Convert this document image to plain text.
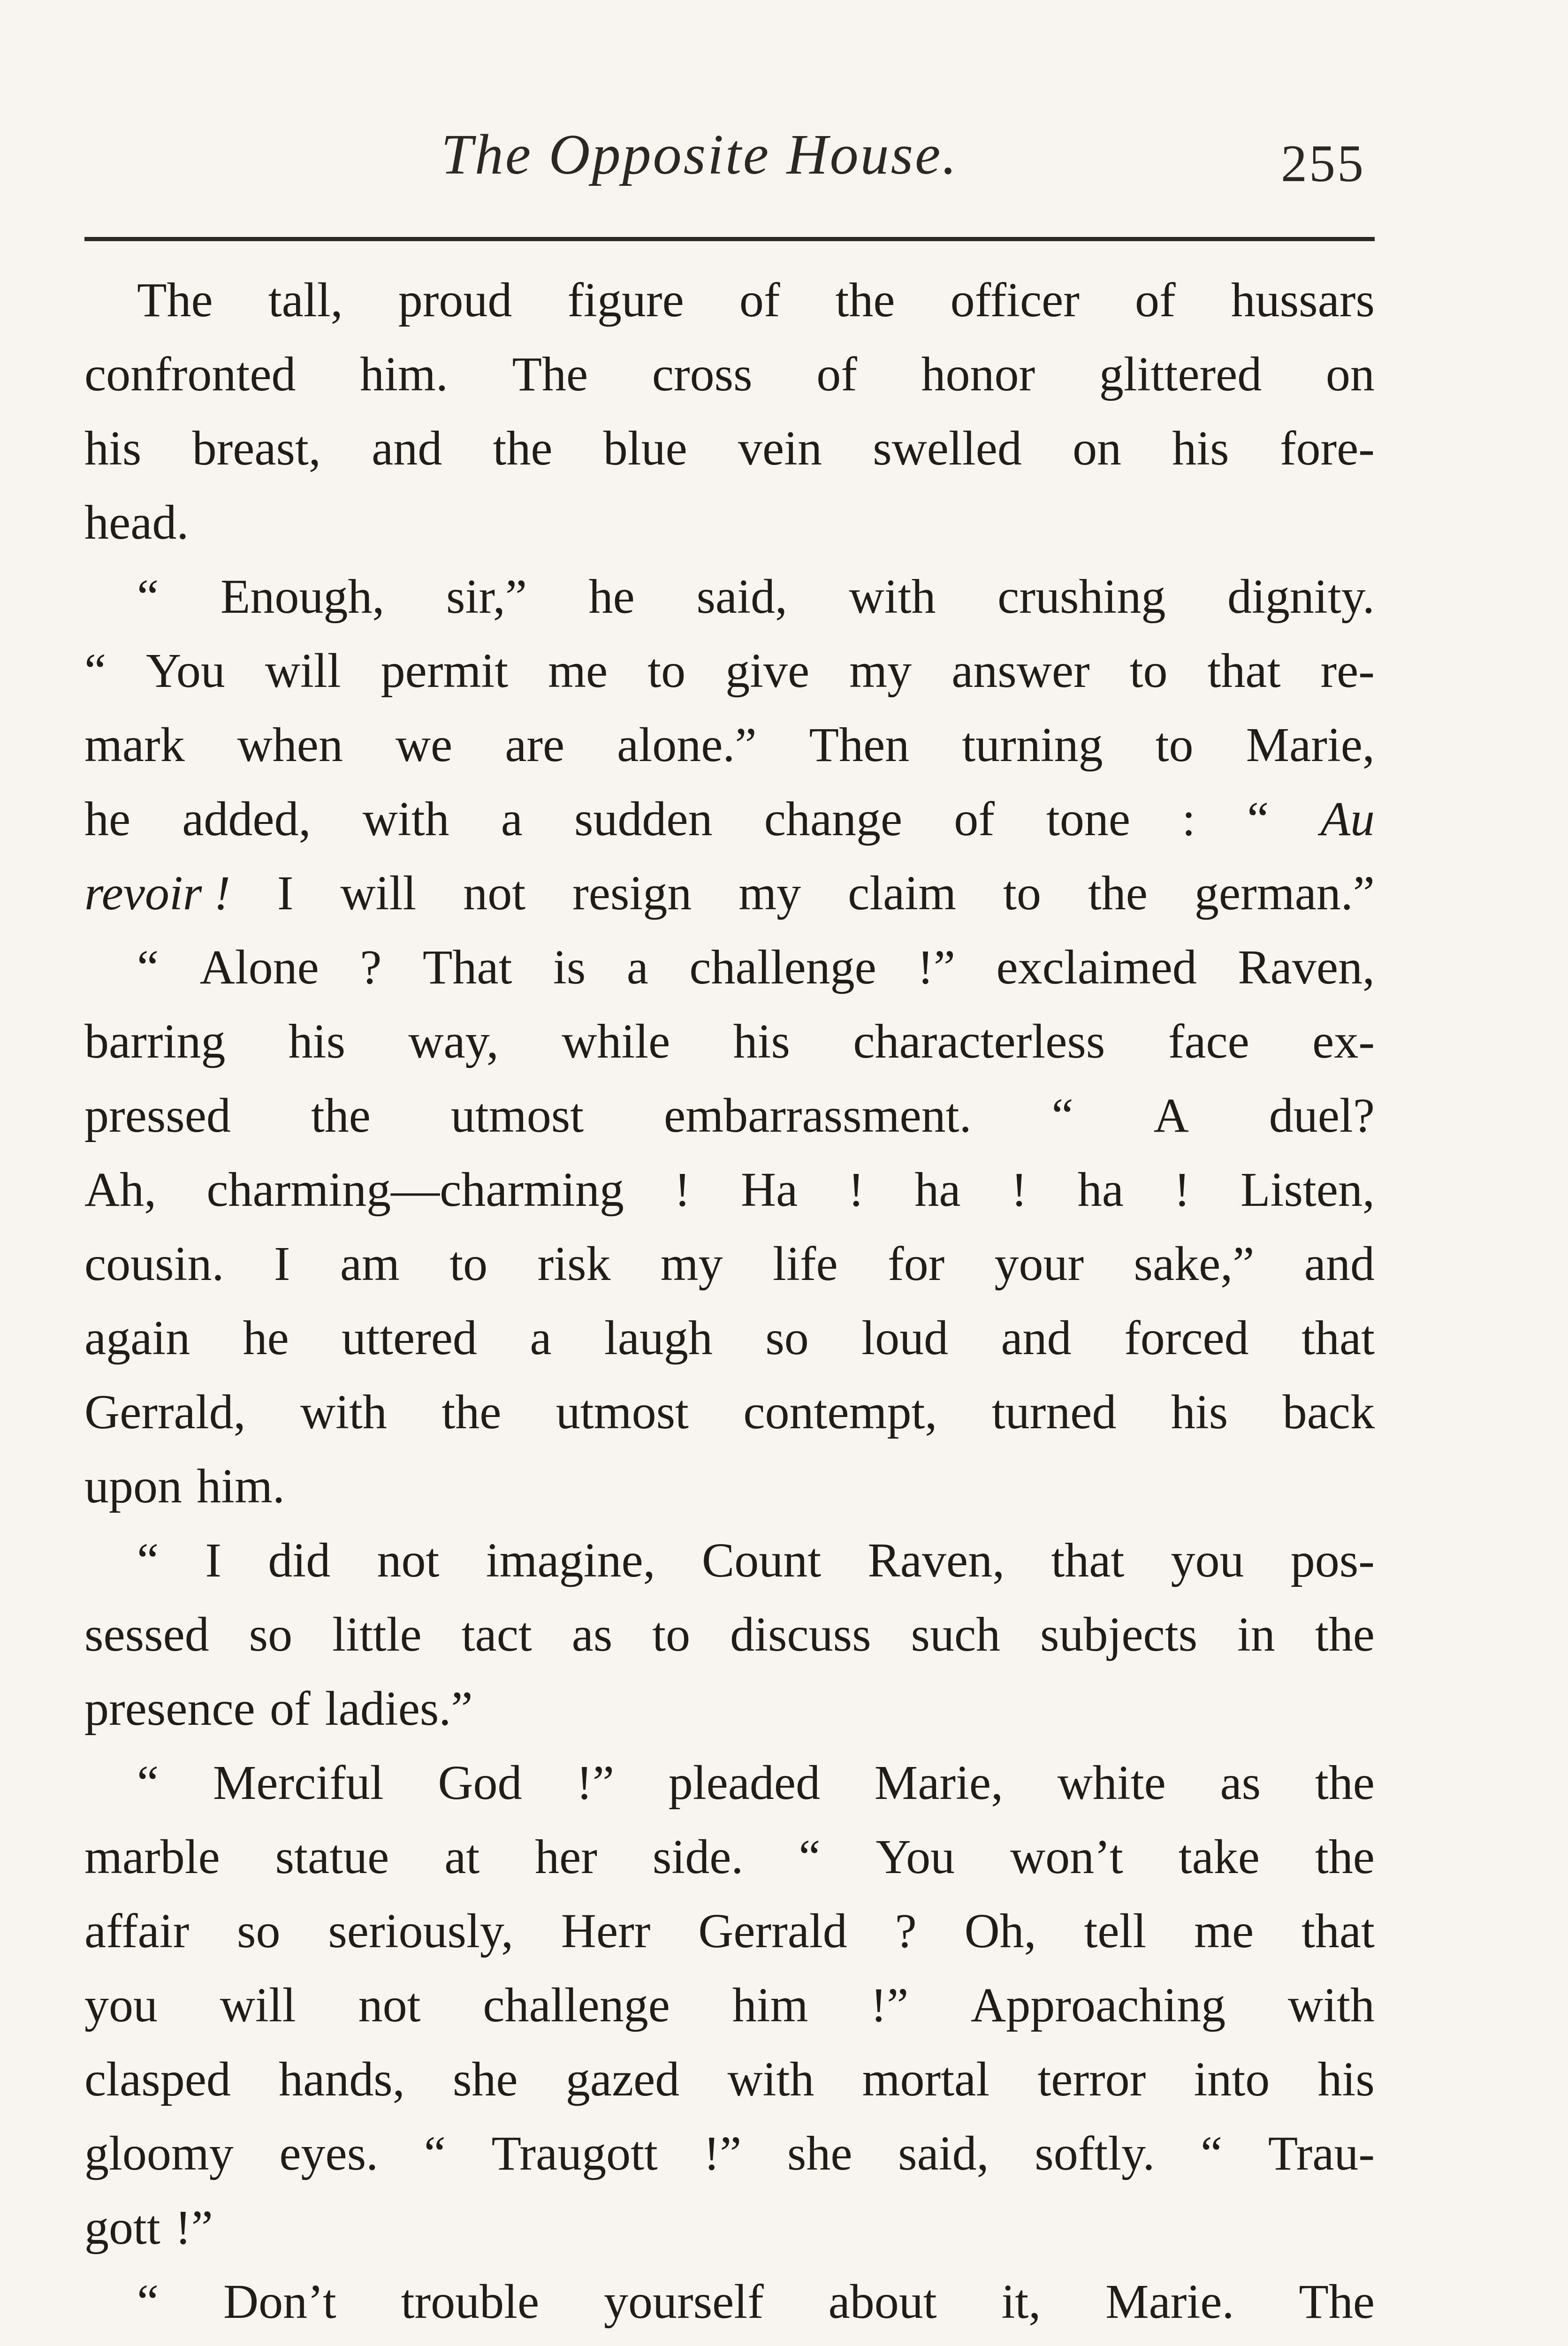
The Opposite House.	255
The tall, proud figure of the officer of hussars
confronted him. The cross of honor glittered on
his breast, and the blue vein swelled on his fore-
head.
“ Enough, sir,” he said, with crushing dignity.
“ You will permit me to give my answer to that re-
mark when we are alone.” Then turning to Marie,
he added, with a sudden change of tone : “ Au
revoir ! I will not resign my claim to the german.”
“ Alone ? That is a challenge !” exclaimed Raven,
barring his way, while his characterless face ex-
pressed the utmost embarrassment. “ A duel?
Ah, charming—charming ! Ha ! ha ! ha ! Listen,
cousin. I am to risk my life for your sake,” and
again he uttered a laugh so loud and forced that
Gerrald, with the utmost contempt, turned his back
upon him.
“ I did not imagine, Count Raven, that you pos-
sessed so little tact as to discuss such subjects in the
presence of ladies.”
“ Merciful God !” pleaded Marie, white as the
marble statue at her side. “ You won’t take the
affair so seriously, Herr Gerrald ? Oh, tell me that
you will not challenge him !” Approaching with
clasped hands, she gazed with mortal terror into his
gloomy eyes. “ Traugott !” she said, softly. “ Trau-
gott !”
“ Don’t trouble yourself about it, Marie. The
